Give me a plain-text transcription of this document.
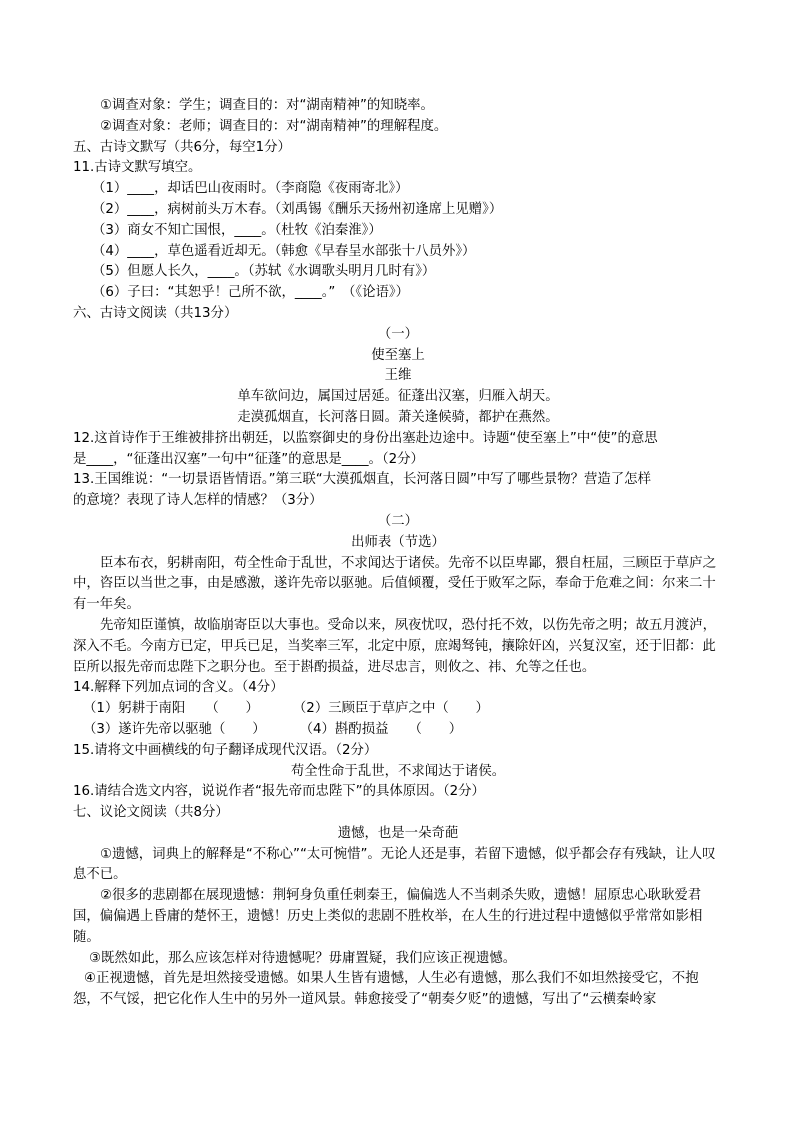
①调查对象：学生；调查目的：对“湖南精神”的知晓率。
②调查对象：老师；调查目的：对“湖南精神”的理解程度。
五、古诗文默写（共6分，每空1分）
11.古诗文默写填空。
（1）____，却话巴山夜雨时。（李商隐《夜雨寄北》）
（2）____，病树前头万木春。（刘禹锡《酬乐天扬州初逢席上见赠》）
（3）商女不知亡国恨，____。（杜牧《泊秦淮》）
（4）____，草色遥看近却无。（韩愈《早春呈水部张十八员外》）
（5）但愿人长久，____。（苏轼《水调歌头明月几时有》）
（6）子曰：“其恕乎！己所不欲，____。”　（《论语》）
六、古诗文阅读（共13分）
（一）
使至塞上
王维
单车欲问边，属国过居延。征蓬出汉塞，归雁入胡天。
走漠孤烟直，长河落日圆。萧关逢候骑，都护在燕然。
12.这首诗作于王维被排挤出朝廷，以监察御史的身份出塞赴边途中。诗题“使至塞上”中“使”的意思
是____，“征蓬出汉塞”一句中“征蓬”的意思是____。（2分）
13.王国维说：“一切景语皆情语。”第三联“大漠孤烟直，长河落日圆”中写了哪些景物？营造了怎样
的意境？表现了诗人怎样的情感？（3分）
（二）
出师表（节选）
臣本布衣，躬耕南阳，苟全性命于乱世，不求闻达于诸侯。先帝不以臣卑鄙，猥自枉屈，三顾臣于草庐之中，咨臣以当世之事，由是感激，遂许先帝以驱驰。后值倾覆，受任于败军之际，奉命于危难之间：尔来二十有一年矣。
先帝知臣谨慎，故临崩寄臣以大事也。受命以来，夙夜忧叹，恐付托不效，以伤先帝之明；故五月渡泸，深入不毛。今南方已定，甲兵已足，当奖率三军，北定中原，庶竭驽钝，攘除奸凶，兴复汉室，还于旧都：此臣所以报先帝而忠陛下之职分也。至于斟酌损益，进尽忠言，则攸之、祎、允等之任也。
14.解释下列加点词的含义。（4分）
（1）躬耕于南阳　　（　　）	（2）三顾臣于草庐之中（　　）
（3）遂许先帝以驱驰（　　）	（4）斟酌损益　　（　　）
15.请将文中画横线的句子翻译成现代汉语。（2分）
苟全性命于乱世，不求闻达于诸侯。
16.请结合选文内容，说说作者“报先帝而忠陛下”的具体原因。（2分）
七、议论文阅读（共8分）
遗憾，也是一朵奇葩
①遗憾，词典上的解释是“不称心”“太可惋惜”。无论人还是事，若留下遗憾，似乎都会存有残缺，让人叹息不已。
②很多的悲剧都在展现遗憾：荆轲身负重任刺秦王，偏偏选人不当刺杀失败，遗憾！屈原忠心耿耿爱君国，偏偏遇上昏庸的楚怀王，遗憾！历史上类似的悲剧不胜枚举，在人生的行进过程中遗憾似乎常常如影相随。
③既然如此，那么应该怎样对待遗憾呢？毋庸置疑，我们应该正视遗憾。
④正视遗憾，首先是坦然接受遗憾。如果人生皆有遗憾，人生必有遗憾，那么我们不如坦然接受它，不抱怨，不气馁，把它化作人生中的另外一道风景。韩愈接受了“朝奏夕贬”的遗憾，写出了“云横秦岭家
